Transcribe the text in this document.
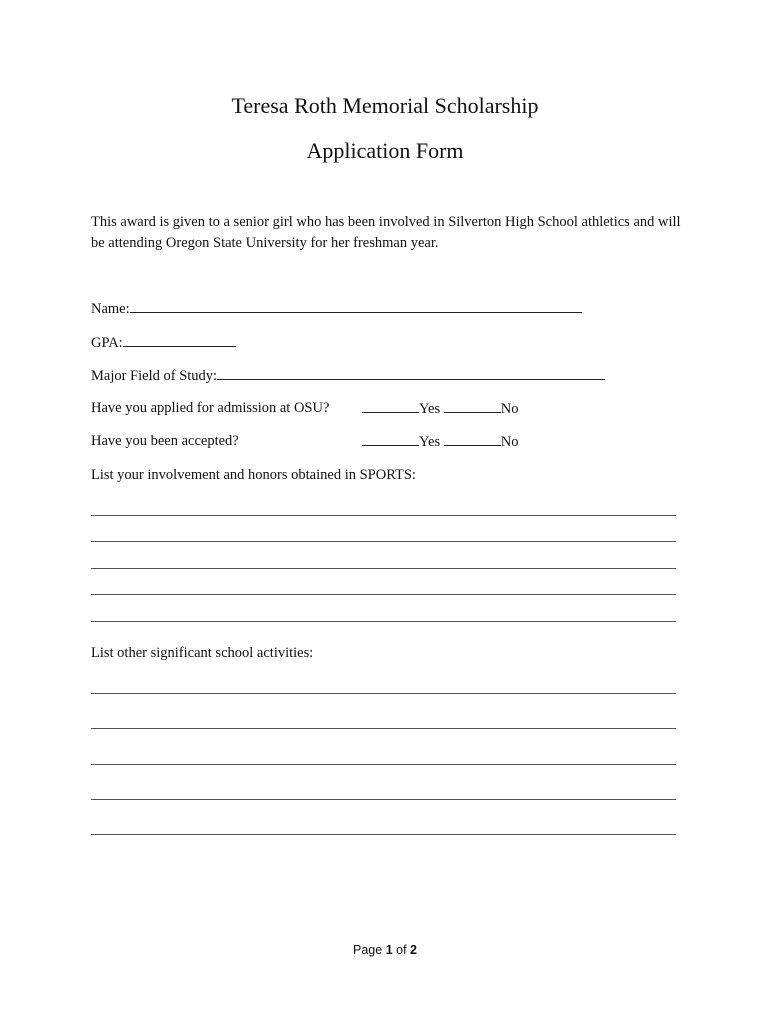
Teresa Roth Memorial Scholarship
Application Form
This award is given to a senior girl who has been involved in Silverton High School athletics and will be attending Oregon State University for her freshman year.
Name:
GPA:
Major Field of Study:
Have you applied for admission at OSU?	Yes	No
Have you been accepted?	Yes	No
List your involvement and honors obtained in SPORTS:
List other significant school activities:
Page 1 of 2
